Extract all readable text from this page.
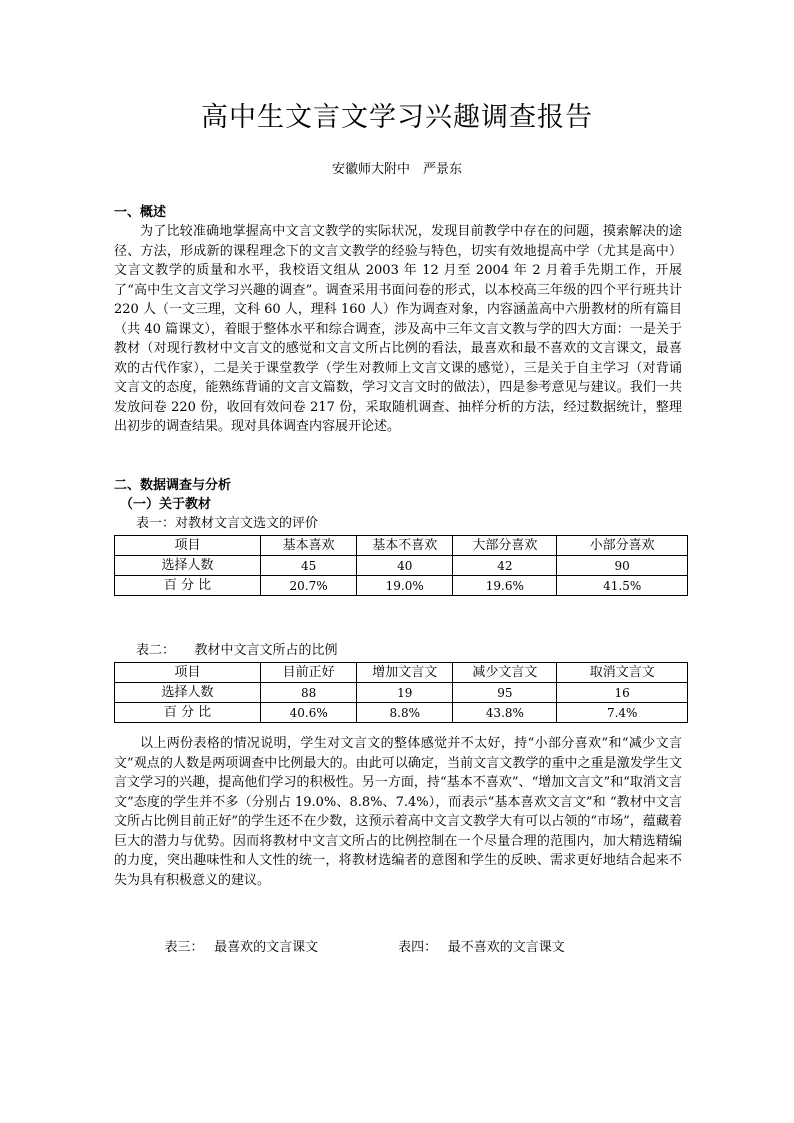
高中生文言文学习兴趣调查报告
安徽师大附中　严景东
一、概述

为了比较准确地掌握高中文言文教学的实际状况，发现目前教学中存在的问题，摸索解决的途径、方法，形成新的课程理念下的文言文教学的经验与特色，切实有效地提高中学（尤其是高中）文言文教学的质量和水平，我校语文组从 2003 年 12 月至 2004 年 2 月着手先期工作，开展了“高中生文言文学习兴趣的调查”。调查采用书面问卷的形式，以本校高三年级的四个平行班共计 220 人（一文三理，文科 60 人，理科 160 人）作为调查对象，内容涵盖高中六册教材的所有篇目（共 40 篇课文），着眼于整体水平和综合调查，涉及高中三年文言文教与学的四大方面：一是关于教材（对现行教材中文言文的感觉和文言文所占比例的看法，最喜欢和最不喜欢的文言课文，最喜欢的古代作家），二是关于课堂教学（学生对教师上文言文课的感觉），三是关于自主学习（对背诵文言文的态度，能熟练背诵的文言文篇数，学习文言文时的做法），四是参考意见与建议。我们一共发放问卷 220 份，收回有效问卷 217 份，采取随机调查、抽样分析的方法，经过数据统计，整理出初步的调查结果。现对具体调查内容展开论述。

二、数据调查与分析
（一）关于教材
表一：对教材文言文选文的评价
项目	基本喜欢	基本不喜欢	大部分喜欢	小部分喜欢
选择人数	45	40	42	90
百 分 比	20.7%	19.0%	19.6%	41.5%
表二：　　教材中文言文所占的比例
项目	目前正好	增加文言文	减少文言文	取消文言文
选择人数	88	19	95	16
百 分 比	40.6%	8.8%	43.8%	7.4%

以上两份表格的情况说明，学生对文言文的整体感觉并不太好，持“小部分喜欢”和“减少文言文”观点的人数是两项调查中比例最大的。由此可以确定，当前文言文教学的重中之重是激发学生文言文学习的兴趣，提高他们学习的积极性。另一方面，持“基本不喜欢”、“增加文言文”和“取消文言文”态度的学生并不多（分别占 19.0%、8.8%、7.4%），而表示“基本喜欢文言文”和 “教材中文言文所占比例目前正好”的学生还不在少数，这预示着高中文言文教学大有可以占领的“市场”，蕴藏着巨大的潜力与优势。因而将教材中文言文所占的比例控制在一个尽量合理的范围内，加大精选精编的力度，突出趣味性和人文性的统一，将教材选编者的意图和学生的反映、需求更好地结合起来不失为具有积极意义的建议。

表三：　 最喜欢的文言课文	表四：　 最不喜欢的文言课文
